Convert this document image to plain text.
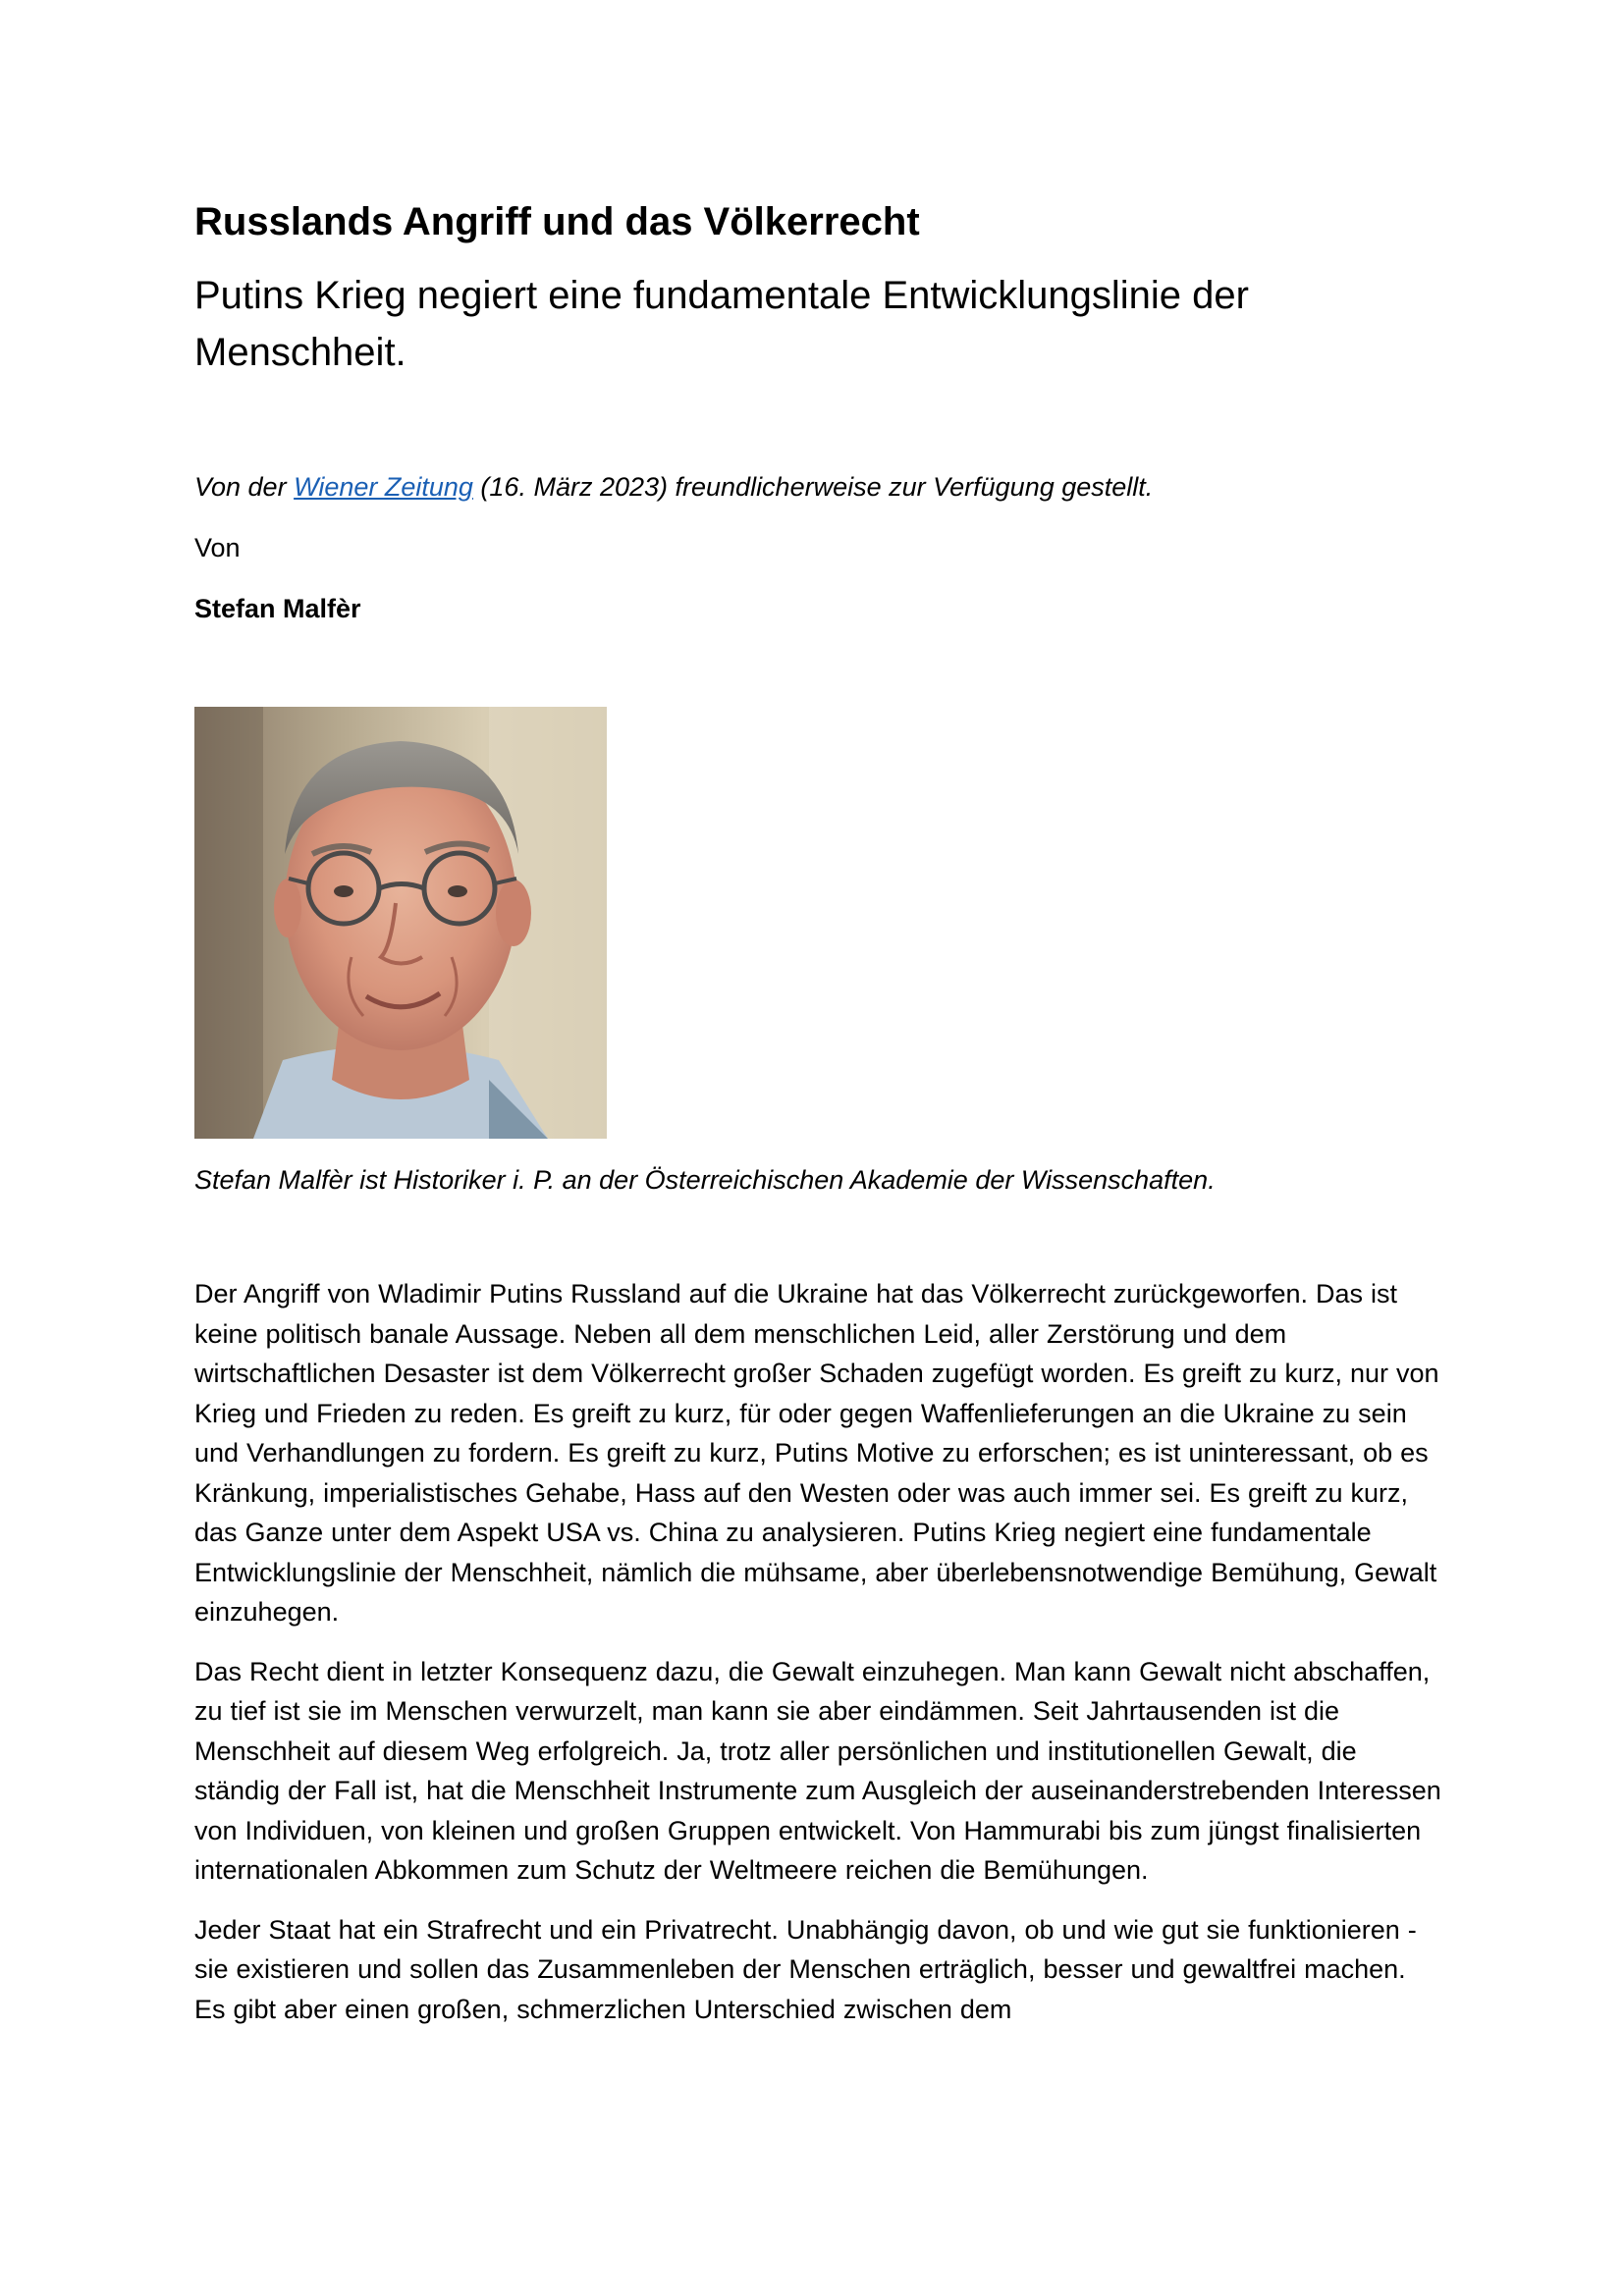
Russlands Angriff und das Völkerrecht
Putins Krieg negiert eine fundamentale Entwicklungslinie der Menschheit.

Von der Wiener Zeitung (16. März 2023) freundlicherweise zur Verfügung gestellt.

Von

Stefan Malfèr

Stefan Malfèr ist Historiker i. P. an der Österreichischen Akademie der Wissenschaften.

Der Angriff von Wladimir Putins Russland auf die Ukraine hat das Völkerrecht zurückgeworfen. Das ist keine politisch banale Aussage. Neben all dem menschlichen Leid, aller Zerstörung und dem wirtschaftlichen Desaster ist dem Völkerrecht großer Schaden zugefügt worden. Es greift zu kurz, nur von Krieg und Frieden zu reden. Es greift zu kurz, für oder gegen Waffenlieferungen an die Ukraine zu sein und Verhandlungen zu fordern. Es greift zu kurz, Putins Motive zu erforschen; es ist uninteressant, ob es Kränkung, imperialistisches Gehabe, Hass auf den Westen oder was auch immer sei. Es greift zu kurz, das Ganze unter dem Aspekt USA vs. China zu analysieren. Putins Krieg negiert eine fundamentale Entwicklungslinie der Menschheit, nämlich die mühsame, aber überlebensnotwendige Bemühung, Gewalt einzuhegen.

Das Recht dient in letzter Konsequenz dazu, die Gewalt einzuhegen. Man kann Gewalt nicht abschaffen, zu tief ist sie im Menschen verwurzelt, man kann sie aber eindämmen. Seit Jahrtausenden ist die Menschheit auf diesem Weg erfolgreich. Ja, trotz aller persönlichen und institutionellen Gewalt, die ständig der Fall ist, hat die Menschheit Instrumente zum Ausgleich der auseinanderstrebenden Interessen von Individuen, von kleinen und großen Gruppen entwickelt. Von Hammurabi bis zum jüngst finalisierten internationalen Abkommen zum Schutz der Weltmeere reichen die Bemühungen.

Jeder Staat hat ein Strafrecht und ein Privatrecht. Unabhängig davon, ob und wie gut sie funktionieren - sie existieren und sollen das Zusammenleben der Menschen erträglich, besser und gewaltfrei machen. Es gibt aber einen großen, schmerzlichen Unterschied zwischen dem
